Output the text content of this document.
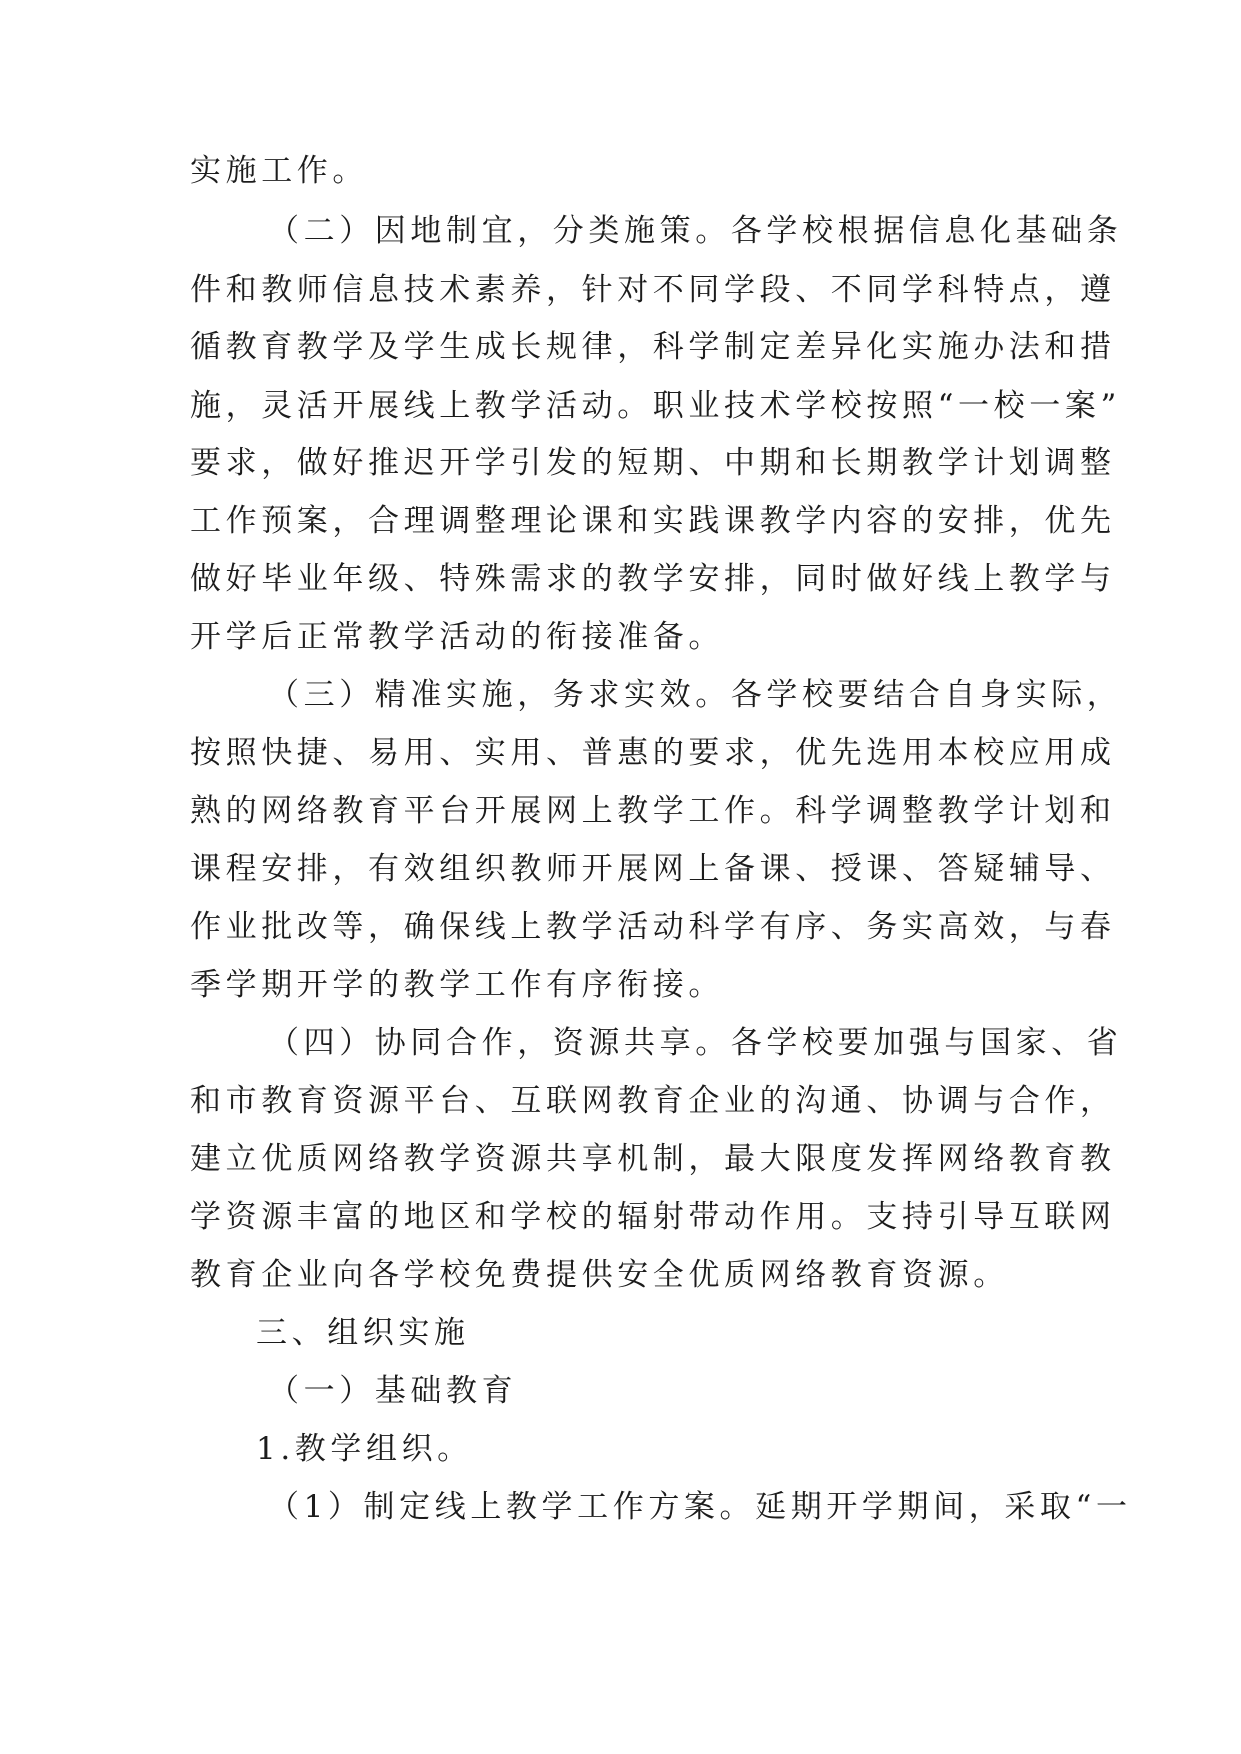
实施工作。
（二）因地制宜，分类施策。各学校根据信息化基础条
件和教师信息技术素养，针对不同学段、不同学科特点，遵
循教育教学及学生成长规律，科学制定差异化实施办法和措
施，灵活开展线上教学活动。职业技术学校按照“一校一案”
要求，做好推迟开学引发的短期、中期和长期教学计划调整
工作预案，合理调整理论课和实践课教学内容的安排，优先
做好毕业年级、特殊需求的教学安排，同时做好线上教学与
开学后正常教学活动的衔接准备。
（三）精准实施，务求实效。各学校要结合自身实际，
按照快捷、易用、实用、普惠的要求，优先选用本校应用成
熟的网络教育平台开展网上教学工作。科学调整教学计划和
课程安排，有效组织教师开展网上备课、授课、答疑辅导、
作业批改等，确保线上教学活动科学有序、务实高效，与春
季学期开学的教学工作有序衔接。
（四）协同合作，资源共享。各学校要加强与国家、省
和市教育资源平台、互联网教育企业的沟通、协调与合作，
建立优质网络教学资源共享机制，最大限度发挥网络教育教
学资源丰富的地区和学校的辐射带动作用。支持引导互联网
教育企业向各学校免费提供安全优质网络教育资源。
三、组织实施
（一）基础教育
1.教学组织。
（1）制定线上教学工作方案。延期开学期间，采取“一
